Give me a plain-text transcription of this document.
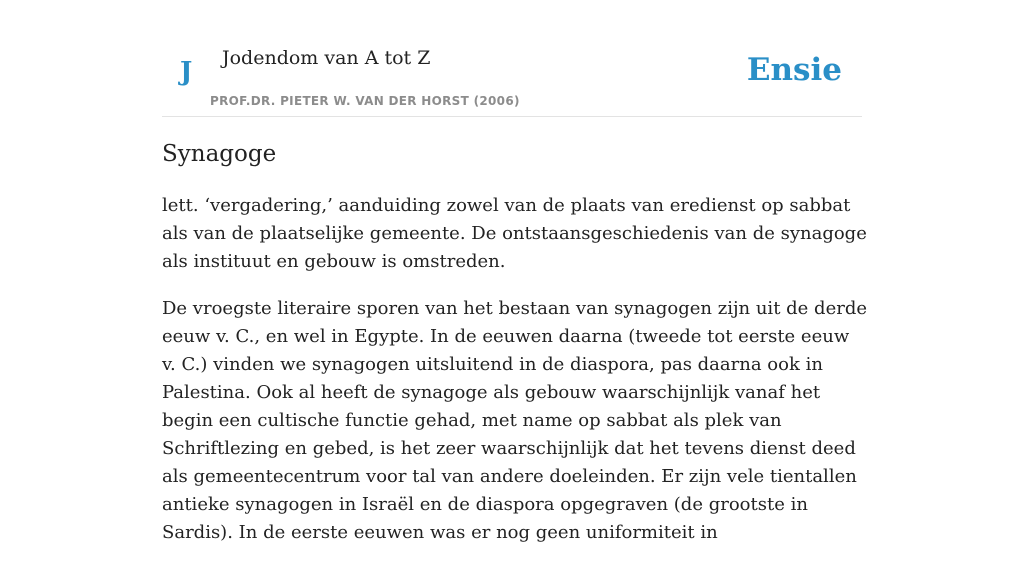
J Jodendom van A tot Z
PROF.DR. PIETER W. VAN DER HORST (2006)
Ensie
Synagoge

lett. ‘vergadering,’ aanduiding zowel van de plaats van eredienst op sabbat als van de plaatselijke gemeente. De ontstaansgeschiedenis van de synagoge als instituut en gebouw is omstreden.

De vroegste literaire sporen van het bestaan van synagogen zijn uit de derde eeuw v. C., en wel in Egypte. In de eeuwen daarna (tweede tot eerste eeuw v. C.) vinden we synagogen uitsluitend in de diaspora, pas daarna ook in Palestina. Ook al heeft de synagoge als gebouw waarschijnlijk vanaf het begin een cultische functie gehad, met name op sabbat als plek van Schriftlezing en gebed, is het zeer waarschijnlijk dat het tevens dienst deed als gemeentecentrum voor tal van andere doeleinden. Er zijn vele tientallen antieke synagogen in Israël en de diaspora opgegraven (de grootste in Sardis). In de eerste eeuwen was er nog geen uniformiteit in
